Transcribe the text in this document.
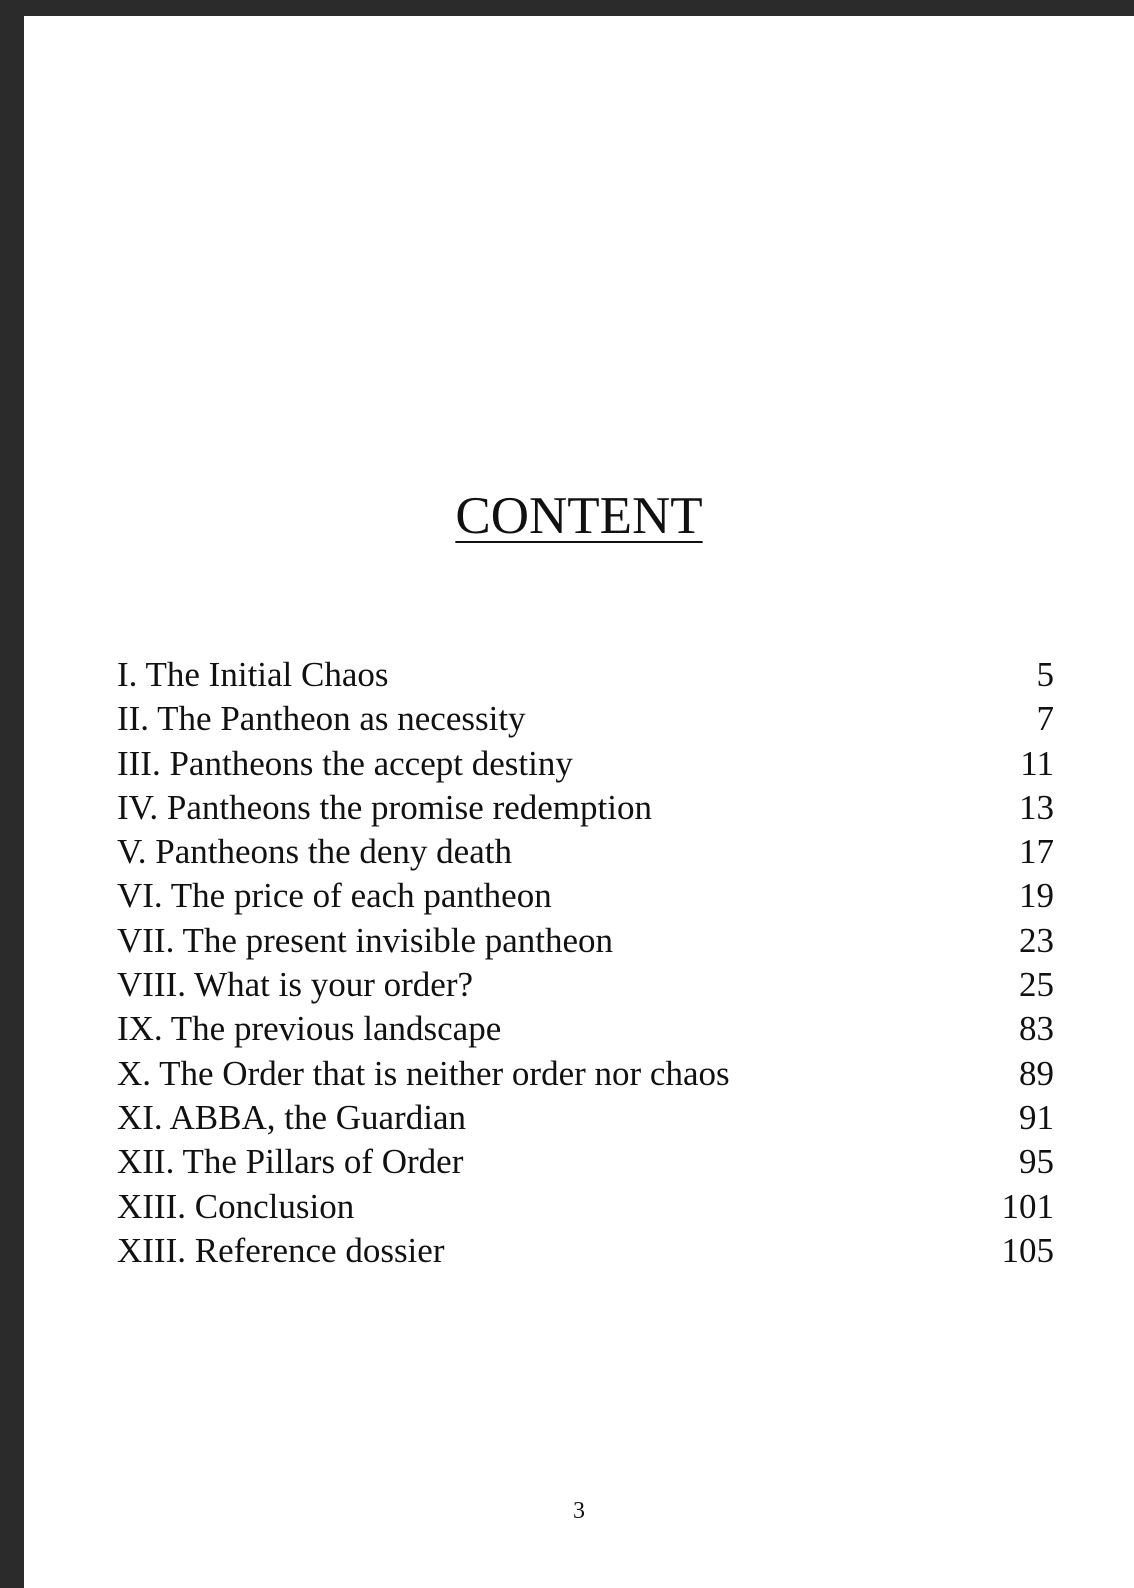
CONTENT
I. The Initial Chaos	5
II. The Pantheon as necessity	7
III. Pantheons the accept destiny	11
IV. Pantheons the promise redemption	13
V. Pantheons the deny death	17
VI. The price of each pantheon	19
VII. The present invisible pantheon	23
VIII. What is your order?	25
IX. The previous landscape	83
X. The Order that is neither order nor chaos	89
XI. ABBA, the Guardian	91
XII. The Pillars of Order	95
XIII. Conclusion	101
XIII. Reference dossier	105
3
